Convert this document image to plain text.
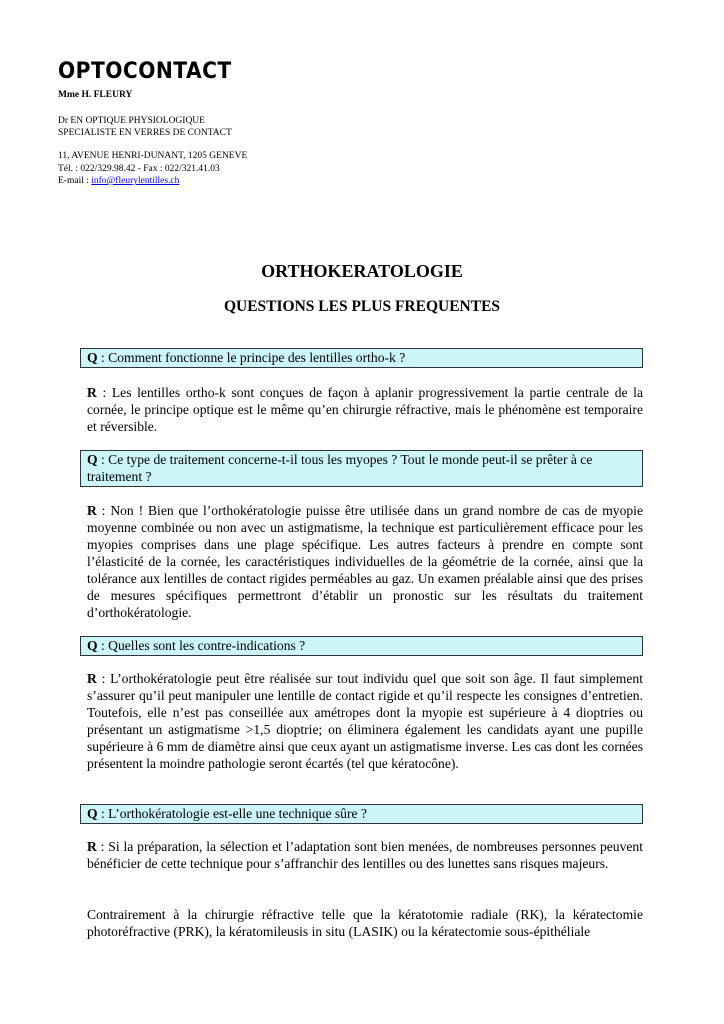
OPTOCONTACT
Mme H. FLEURY
Dr EN OPTIQUE PHYSIOLOGIQUE
SPECIALISTE EN VERRES DE CONTACT
11, AVENUE HENRI-DUNANT, 1205 GENEVE
Tél. : 022/329.98.42 - Fax : 022/321.41.03
E-mail : info@fleurylentilles.ch
ORTHOKERATOLOGIE
QUESTIONS LES PLUS FREQUENTES
Q : Comment fonctionne le principe des lentilles ortho-k ?
R : Les lentilles ortho-k sont conçues de façon à aplanir progressivement la partie centrale de la cornée, le principe optique est le même qu’en chirurgie réfractive, mais le phénomène est temporaire et réversible.
Q : Ce type de traitement concerne-t-il tous les myopes ? Tout le monde peut-il se prêter à ce traitement ?
R : Non ! Bien que l’orthokératologie puisse être utilisée dans un grand nombre de cas de myopie moyenne combinée ou non avec un astigmatisme, la technique est particulièrement efficace pour les myopies comprises dans une plage spécifique. Les autres facteurs à prendre en compte sont l’élasticité de la cornée, les caractéristiques individuelles de la géométrie de la cornée, ainsi que la tolérance aux lentilles de contact rigides perméables au gaz. Un examen préalable ainsi que des prises de mesures spécifiques permettront d’établir un pronostic sur les résultats du traitement d’orthokératologie.
Q : Quelles sont les contre-indications ?
R : L’orthokératologie peut être réalisée sur tout individu quel que soit son âge. Il faut simplement s’assurer qu’il peut manipuler une lentille de contact rigide et qu’il respecte les consignes d’entretien. Toutefois, elle n’est pas conseillée aux amétropes dont la myopie est supérieure à 4 dioptries ou présentant un astigmatisme >1,5 dioptrie; on éliminera également les candidats ayant une pupille supérieure à 6 mm de diamètre ainsi que ceux ayant un astigmatisme inverse. Les cas dont les cornées présentent la moindre pathologie seront écartés (tel que kératocône).
Q : L’orthokératologie est-elle une technique sûre ?
R : Si la préparation, la sélection et l’adaptation sont bien menées, de nombreuses personnes peuvent bénéficier de cette technique pour s’affranchir des lentilles ou des lunettes sans risques majeurs.
Contrairement à la chirurgie réfractive telle que la kératotomie radiale (RK), la kératectomie photoréfractive (PRK), la kératomileusis in situ (LASIK) ou la kératectomie sous-épithéliale
